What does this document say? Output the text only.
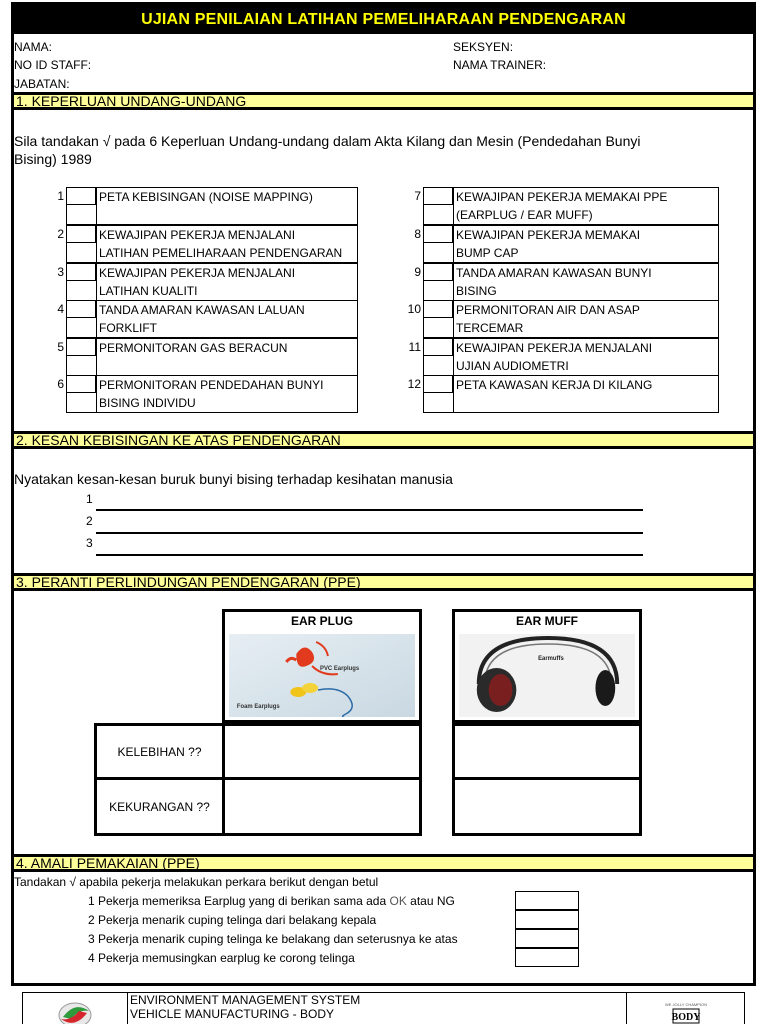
UJIAN PENILAIAN LATIHAN PEMELIHARAAN PENDENGARAN
NAMA:
NO ID STAFF:
JABATAN:
SEKSYEN:
NAMA TRAINER:
1. KEPERLUAN UNDANG-UNDANG
Sila tandakan √ pada 6 Keperluan Undang-undang dalam Akta Kilang dan Mesin (Pendedahan Bunyi Bising) 1989
1	PETA KEBISINGAN (NOISE MAPPING)
2	KEWAJIPAN PEKERJA MENJALANI
LATIHAN PEMELIHARAAN PENDENGARAN
3	KEWAJIPAN PEKERJA MENJALANI
LATIHAN KUALITI
4	TANDA AMARAN KAWASAN LALUAN
FORKLIFT
5	PERMONITORAN GAS BERACUN
6	PERMONITORAN PENDEDAHAN BUNYI
BISING INDIVIDU
7	KEWAJIPAN PEKERJA MEMAKAI PPE
(EARPLUG / EAR MUFF)
8	KEWAJIPAN PEKERJA MEMAKAI
BUMP CAP
9	TANDA AMARAN KAWASAN BUNYI
BISING
10	PERMONITORAN AIR DAN ASAP
TERCEMAR
11	KEWAJIPAN PEKERJA MENJALANI
UJIAN AUDIOMETRI
12	PETA KAWASAN KERJA DI KILANG
2. KESAN KEBISINGAN KE ATAS PENDENGARAN
Nyatakan kesan-kesan buruk bunyi bising terhadap kesihatan manusia
1
2
3
3. PERANTI PERLINDUNGAN PENDENGARAN (PPE)
EAR PLUG
PVC Earplugs
Foam Earplugs
EAR MUFF
Earmuffs
KELEBIHAN ??
KEKURANGAN ??
4. AMALI PEMAKAIAN (PPE)
Tandakan √ apabila pekerja melakukan perkara berikut dengan betul
1 Pekerja memeriksa Earplug yang di berikan sama ada OK atau NG
2 Pekerja menarik cuping telinga dari belakang kepala
3 Pekerja menarik cuping telinga ke belakang dan seterusnya ke atas
4 Pekerja memusingkan earplug ke corong telinga
ENVIRONMENT MANAGEMENT SYSTEM
VEHICLE MANUFACTURING - BODY
WE JOLLY CHAMPION
BODY
